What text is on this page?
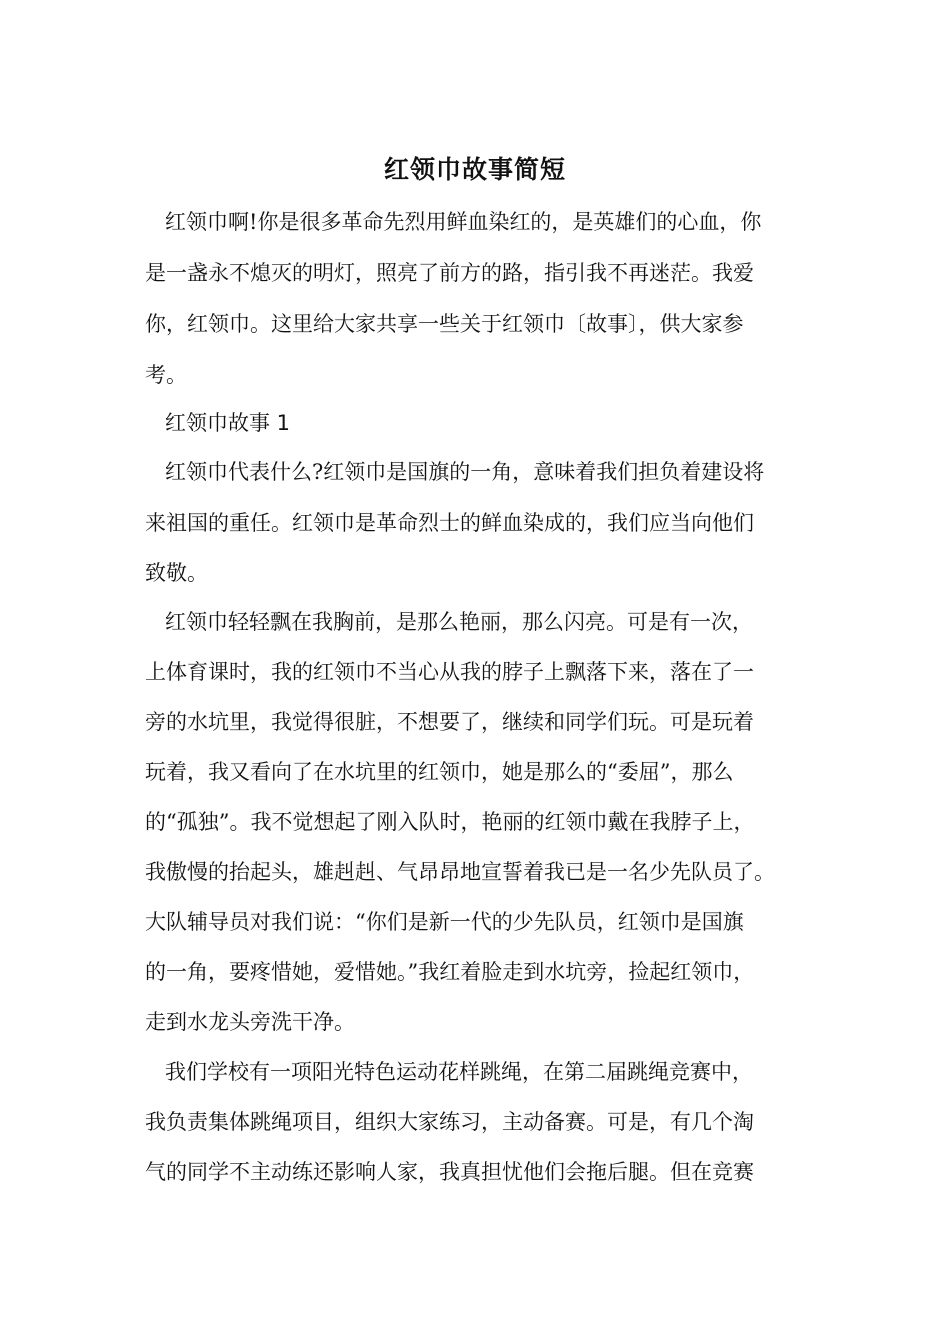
红领巾故事简短

红领巾啊!你是很多革命先烈用鲜血染红的，是英雄们的心血，你

是一盏永不熄灭的明灯，照亮了前方的路，指引我不再迷茫。我爱

你，红领巾。这里给大家共享一些关于红领巾〔故事〕，供大家参

考。

红领巾故事 1

红领巾代表什么?红领巾是国旗的一角，意味着我们担负着建设将

来祖国的重任。红领巾是革命烈士的鲜血染成的，我们应当向他们

致敬。

红领巾轻轻飘在我胸前，是那么艳丽，那么闪亮。可是有一次，

上体育课时，我的红领巾不当心从我的脖子上飘落下来，落在了一

旁的水坑里，我觉得很脏，不想要了，继续和同学们玩。可是玩着

玩着，我又看向了在水坑里的红领巾，她是那么的“委屈”，那么

的“孤独”。我不觉想起了刚入队时，艳丽的红领巾戴在我脖子上，

我傲慢的抬起头，雄赳赳、气昂昂地宣誓着我已是一名少先队员了。

大队辅导员对我们说：“你们是新一代的少先队员，红领巾是国旗

的一角，要疼惜她，爱惜她。”我红着脸走到水坑旁，捡起红领巾，

走到水龙头旁洗干净。

我们学校有一项阳光特色运动花样跳绳，在第二届跳绳竞赛中，

我负责集体跳绳项目，组织大家练习，主动备赛。可是，有几个淘

气的同学不主动练还影响人家，我真担忧他们会拖后腿。但在竞赛
